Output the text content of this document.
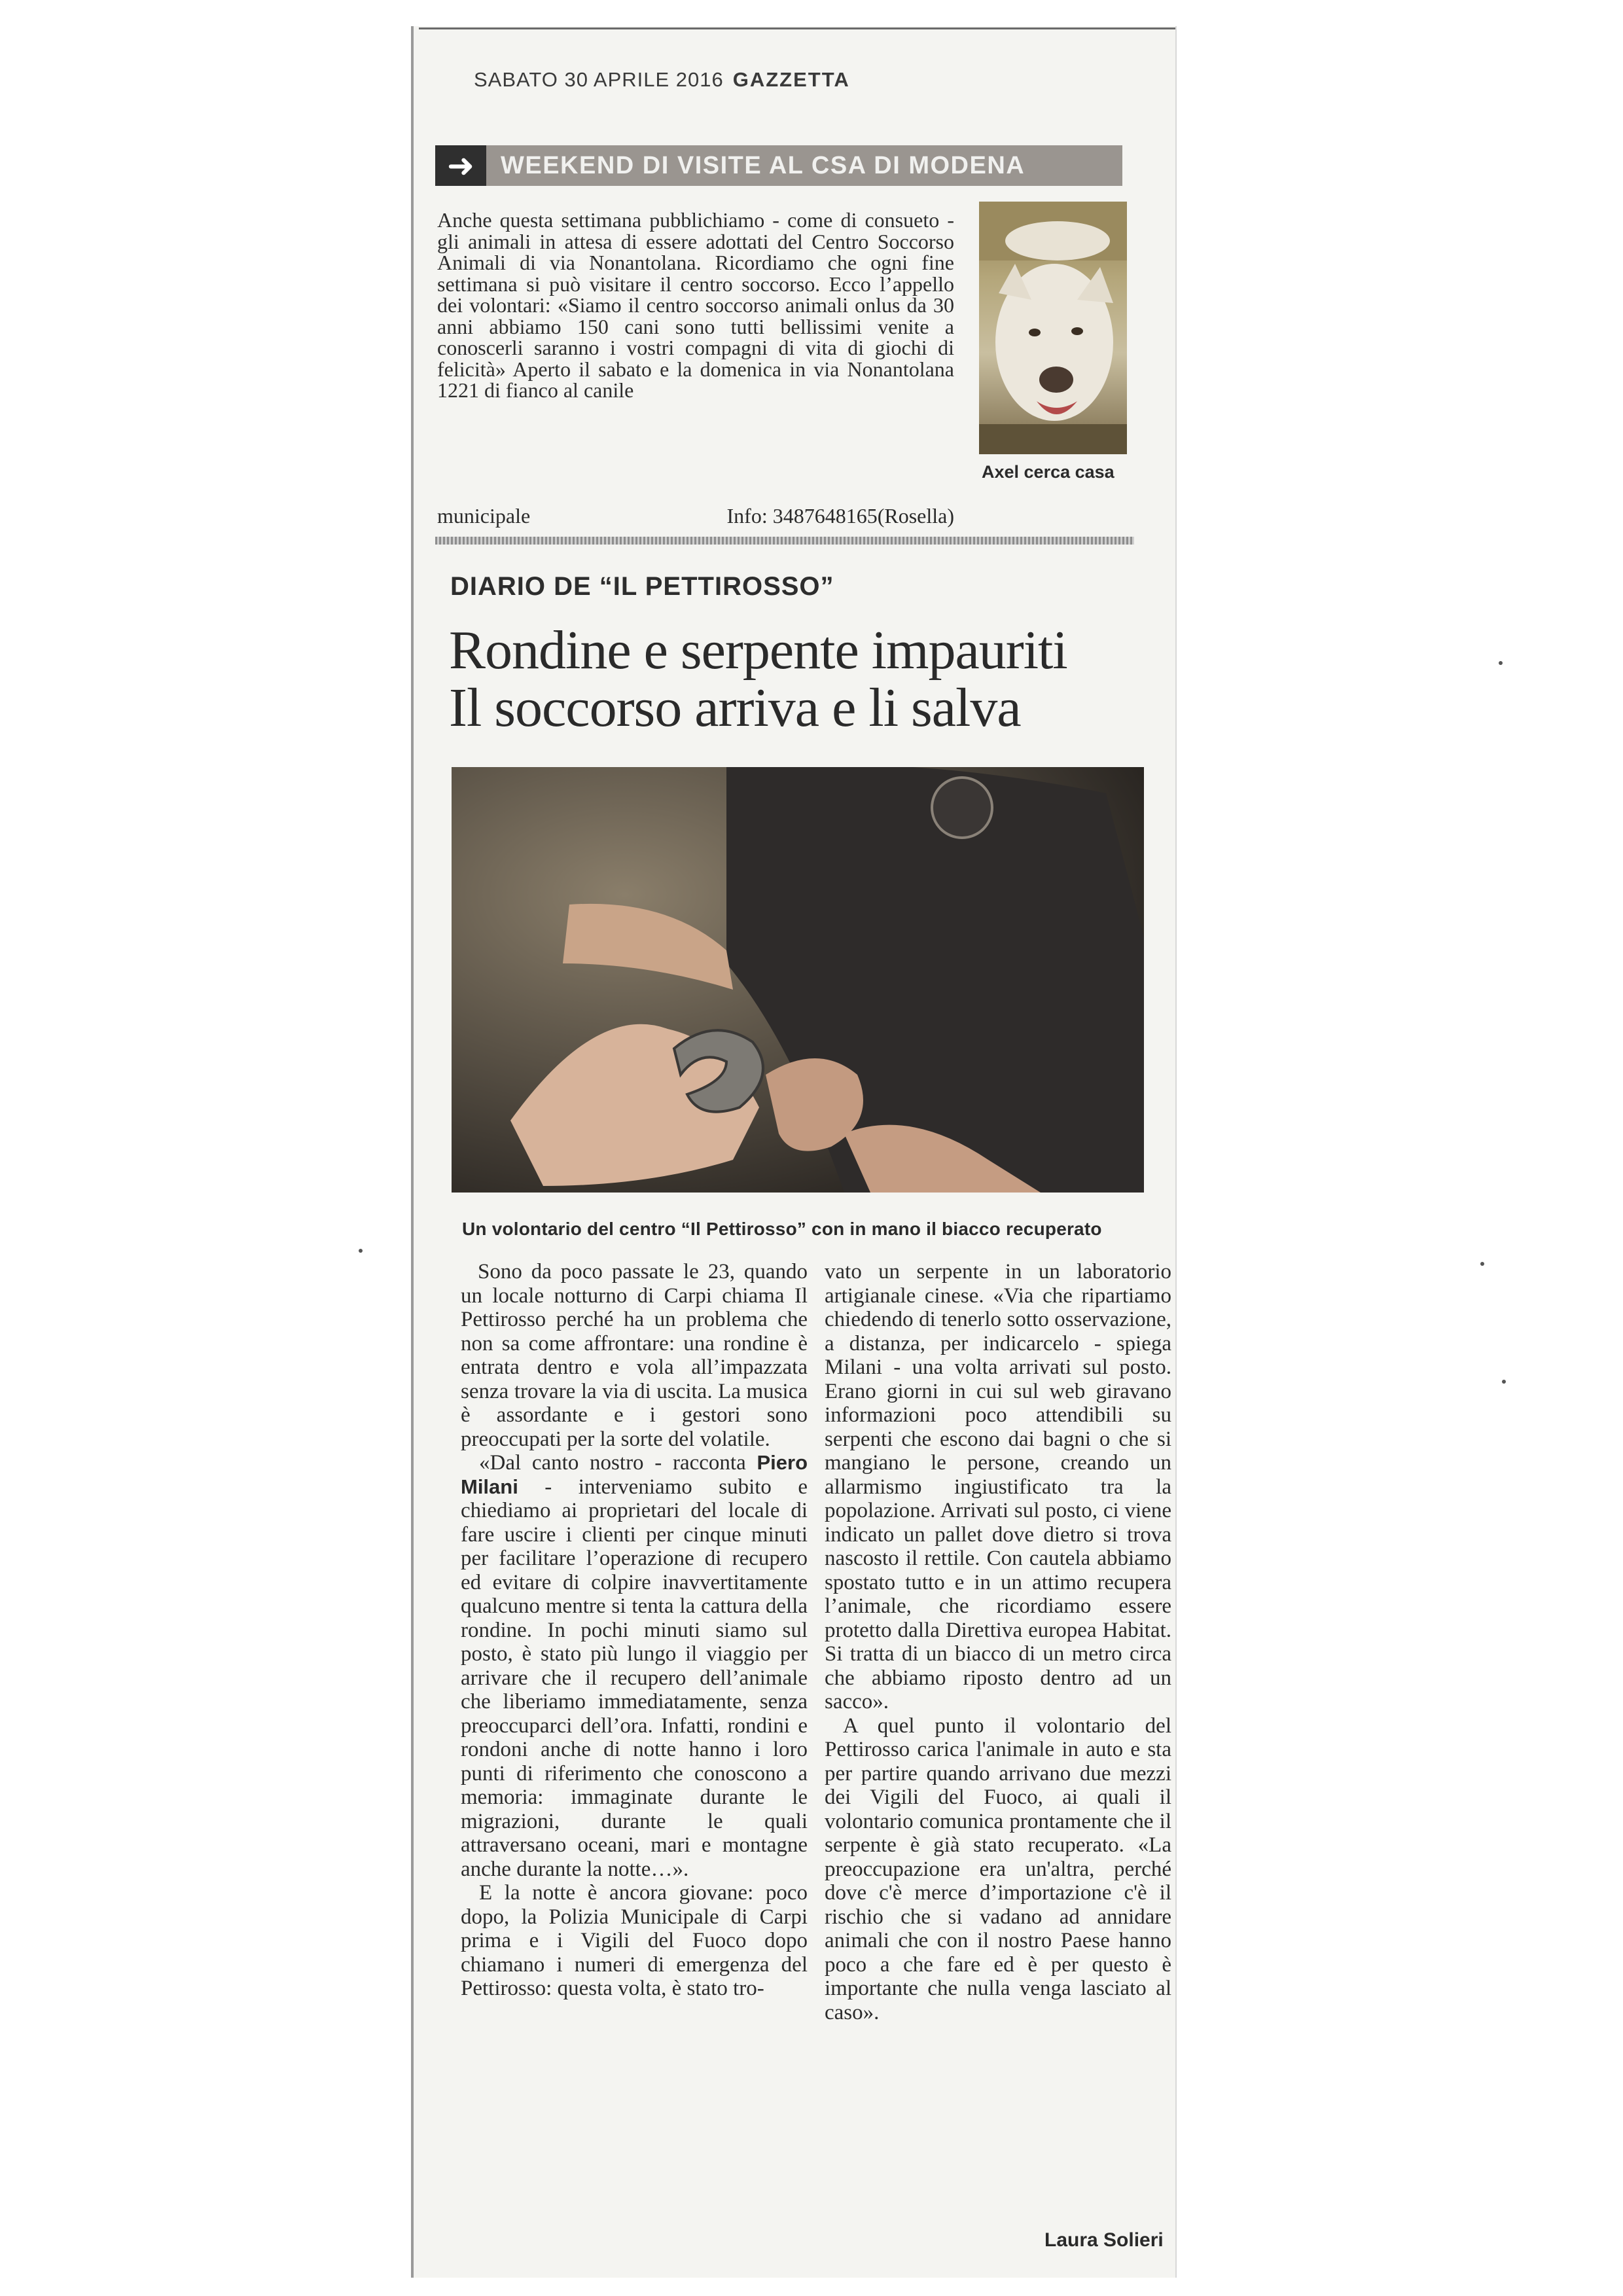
SABATO 30 APRILE 2016 GAZZETTA
➜	WEEKEND DI VISITE AL CSA DI MODENA
Anche questa settimana pubblichiamo - come di consueto - gli animali in attesa di essere adottati del Centro Soccorso Animali di via Nonantolana. Ricordiamo che ogni fine settimana si può visitare il centro soccorso. Ecco l’appello dei volontari: «Siamo il centro soccorso animali onlus da 30 anni abbiamo 150 cani sono tutti bellissimi venite a conoscerli saranno i vostri compagni di vita di giochi di felicità» Aperto il sabato e la domenica in via Nonantolana 1221 di fianco al canile
municipale	Info: 3487648165(Rosella)
Axel cerca casa
DIARIO DE “IL PETTIROSSO”
Rondine e serpente impauriti
Il soccorso arriva e li salva
Un volontario del centro “Il Pettirosso” con in mano il biacco recuperato

Sono da poco passate le 23, quando un locale notturno di Carpi chiama Il Pettirosso perché ha un problema che non sa come affrontare: una rondine è entrata dentro e vola all’impazzata senza trovare la via di uscita. La musica è assordante e i gestori sono preoccupati per la sorte del volatile.

«Dal canto nostro - racconta Piero Milani - interveniamo subito e chiediamo ai proprietari del locale di fare uscire i clienti per cinque minuti per facilitare l’operazione di recupero ed evitare di colpire inavvertitamente qualcuno mentre si tenta la cattura della rondine. In pochi minuti siamo sul posto, è stato più lungo il viaggio per arrivare che il recupero dell’animale che liberiamo immediatamente, senza preoccuparci dell’ora. Infatti, rondini e rondoni anche di notte hanno i loro punti di riferimento che conoscono a memoria: immaginate durante le migrazioni, durante le quali attraversano oceani, mari e montagne anche durante la notte…».

E la notte è ancora giovane: poco dopo, la Polizia Municipale di Carpi prima e i Vigili del Fuoco dopo chiamano i numeri di emergenza del Pettirosso: questa volta, è stato tro-

vato un serpente in un laboratorio artigianale cinese. «Via che ripartiamo chiedendo di tenerlo sotto osservazione, a distanza, per indicarcelo - spiega Milani - una volta arrivati sul posto. Erano giorni in cui sul web giravano informazioni poco attendibili su serpenti che escono dai bagni o che si mangiano le persone, creando un allarmismo ingiustificato tra la popolazione. Arrivati sul posto, ci viene indicato un pallet dove dietro si trova nascosto il rettile. Con cautela abbiamo spostato tutto e in un attimo recupera l’animale, che ricordiamo essere protetto dalla Direttiva europea Habitat. Si tratta di un biacco di un metro circa che abbiamo riposto dentro ad un sacco».

A quel punto il volontario del Pettirosso carica l'animale in auto e sta per partire quando arrivano due mezzi dei Vigili del Fuoco, ai quali il volontario comunica prontamente che il serpente è già stato recuperato. «La preoccupazione era un'altra, perché dove c'è merce d’importazione c'è il rischio che si vadano ad annidare animali che con il nostro Paese hanno poco a che fare ed è per questo è importante che nulla venga lasciato al caso».

Laura Solieri
